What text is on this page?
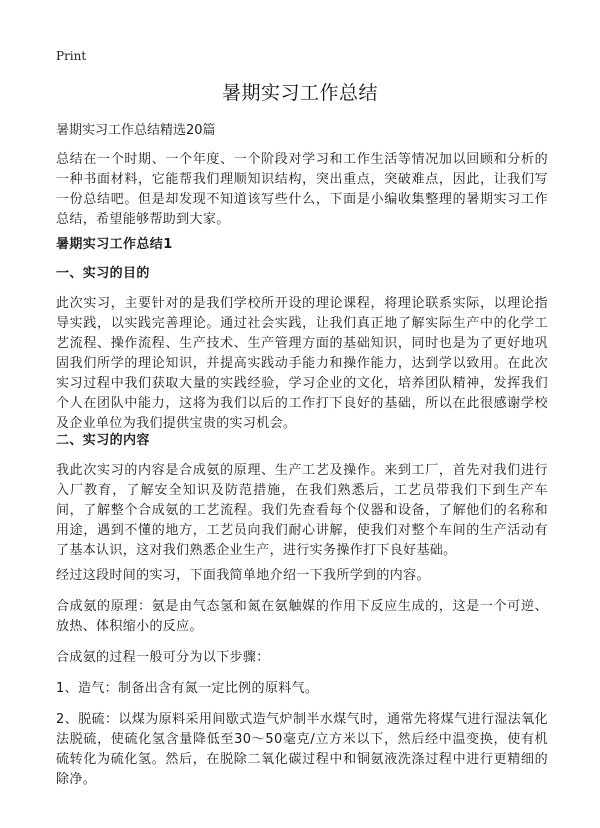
Print
暑期实习工作总结
暑期实习工作总结精选20篇

总结在一个时期、一个年度、一个阶段对学习和工作生活等情况加以回顾和分析的一种书面材料，它能帮我们理顺知识结构，突出重点，突破难点，因此，让我们写一份总结吧。但是却发现不知道该写些什么，下面是小编收集整理的暑期实习工作总结，希望能够帮助到大家。

暑期实习工作总结1
一、实习的目的

此次实习，主要针对的是我们学校所开设的理论课程，将理论联系实际，以理论指导实践，以实践完善理论。通过社会实践，让我们真正地了解实际生产中的化学工艺流程、操作流程、生产技术、生产管理方面的基础知识，同时也是为了更好地巩固我们所学的理论知识，并提高实践动手能力和操作能力，达到学以致用。在此次实习过程中我们获取大量的实践经验，学习企业的文化，培养团队精神，发挥我们个人在团队中能力，这将为我们以后的工作打下良好的基础，所以在此很感谢学校及企业单位为我们提供宝贵的实习机会。

二、实习的内容

我此次实习的内容是合成氨的原理、生产工艺及操作。来到工厂，首先对我们进行入厂教育，了解安全知识及防范措施，在我们熟悉后，工艺员带我们下到生产车间，了解整个合成氨的工艺流程。我们先查看每个仪器和设备，了解他们的名称和用途，遇到不懂的地方，工艺员向我们耐心讲解，使我们对整个车间的生产活动有了基本认识，这对我们熟悉企业生产，进行实务操作打下良好基础。

经过这段时间的实习，下面我简单地介绍一下我所学到的内容。

合成氨的原理：氨是由气态氢和氮在氨触媒的作用下反应生成的，这是一个可逆、放热、体积缩小的反应。

合成氨的过程一般可分为以下步骤：

1、造气：制备出含有氮一定比例的原料气。

2、脱硫：以煤为原料采用间歇式造气炉制半水煤气时，通常先将煤气进行湿法氧化法脱硫，使硫化氢含量降低至30～50毫克/立方米以下，然后经中温变换，使有机硫转化为硫化氢。然后，在脱除二氧化碳过程中和铜氨液洗涤过程中进行更精细的除净。
